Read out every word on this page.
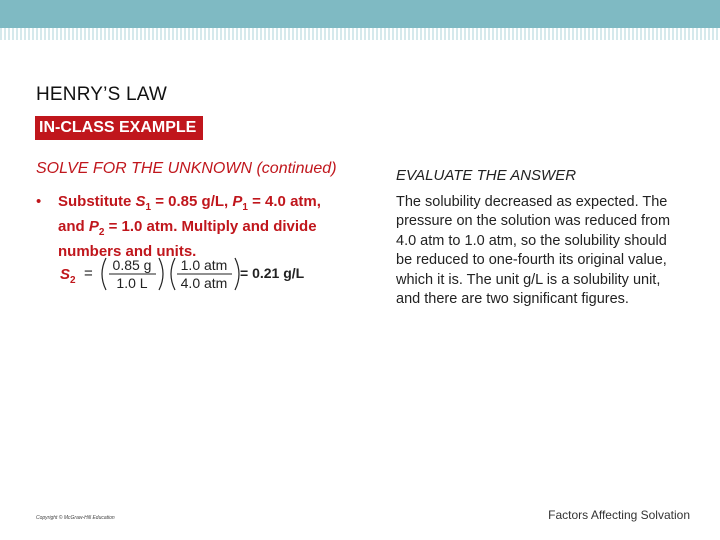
HENRY’S LAW
IN-CLASS EXAMPLE
SOLVE FOR THE UNKNOWN (continued)
• Substitute $S_1 = 0.85$ g/L, $P_1 = 4.0$ atm, and $P_2 = 1.0$ atm. Multiply and divide numbers and units.
S 2 = 0.85 g
1.0 L
1.0 atm
4.0 atm
= 0.21 g/L
EVALUATE THE ANSWER
The solubility decreased as expected. The pressure on the solution was reduced from 4.0 atm to 1.0 atm, so the solubility should be reduced to one-fourth its original value, which it is. The unit g/L is a solubility unit, and there are two significant figures.
Copyright © McGraw-Hill Education	Factors Affecting Solvation
